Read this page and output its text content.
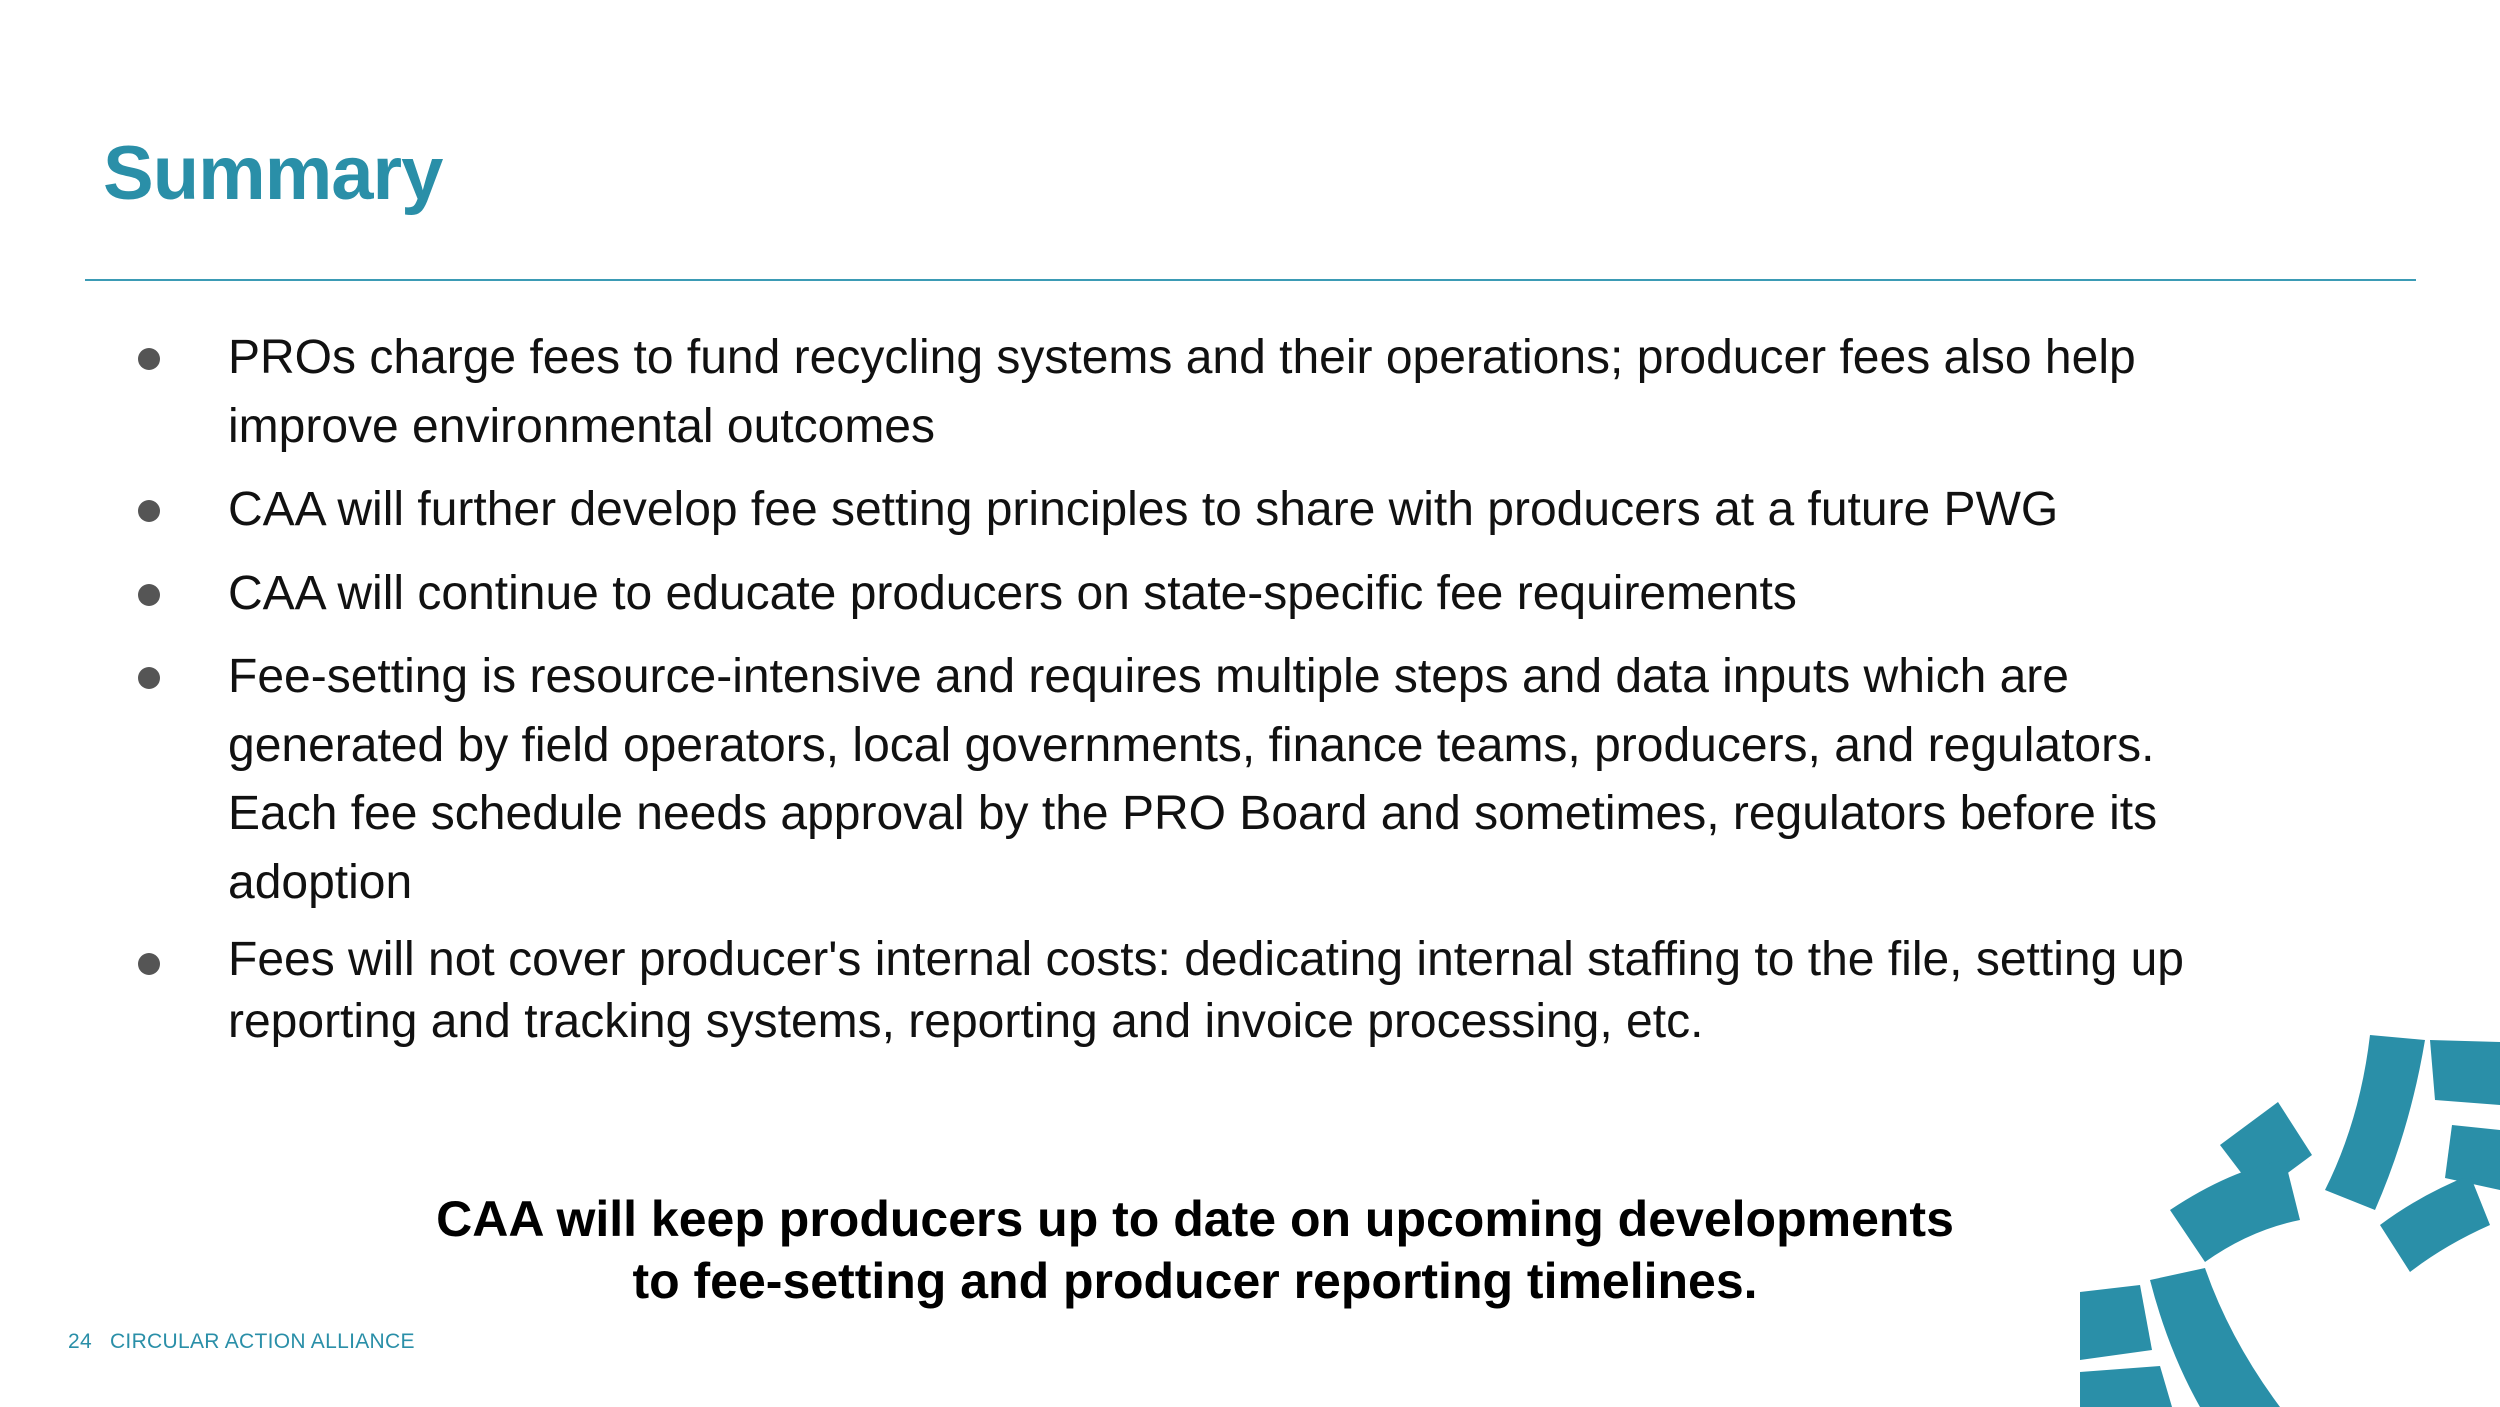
Summary
PROs charge fees to fund recycling systems and their operations; producer fees also help improve environmental outcomes
CAA will further develop fee setting principles to share with producers at a future PWG
CAA will continue to educate producers on state-specific fee requirements
Fee-setting is resource-intensive and requires multiple steps and data inputs which are generated by field operators, local governments, finance teams, producers, and regulators. Each fee schedule needs approval by the PRO Board and sometimes, regulators before its adoption
Fees will not cover producer's internal costs: dedicating internal staffing to the file, setting up reporting and tracking systems, reporting and invoice processing, etc.

CAA will keep producers up to date on upcoming developments
to fee-setting and producer reporting timelines.

24 CIRCULAR ACTION ALLIANCE
